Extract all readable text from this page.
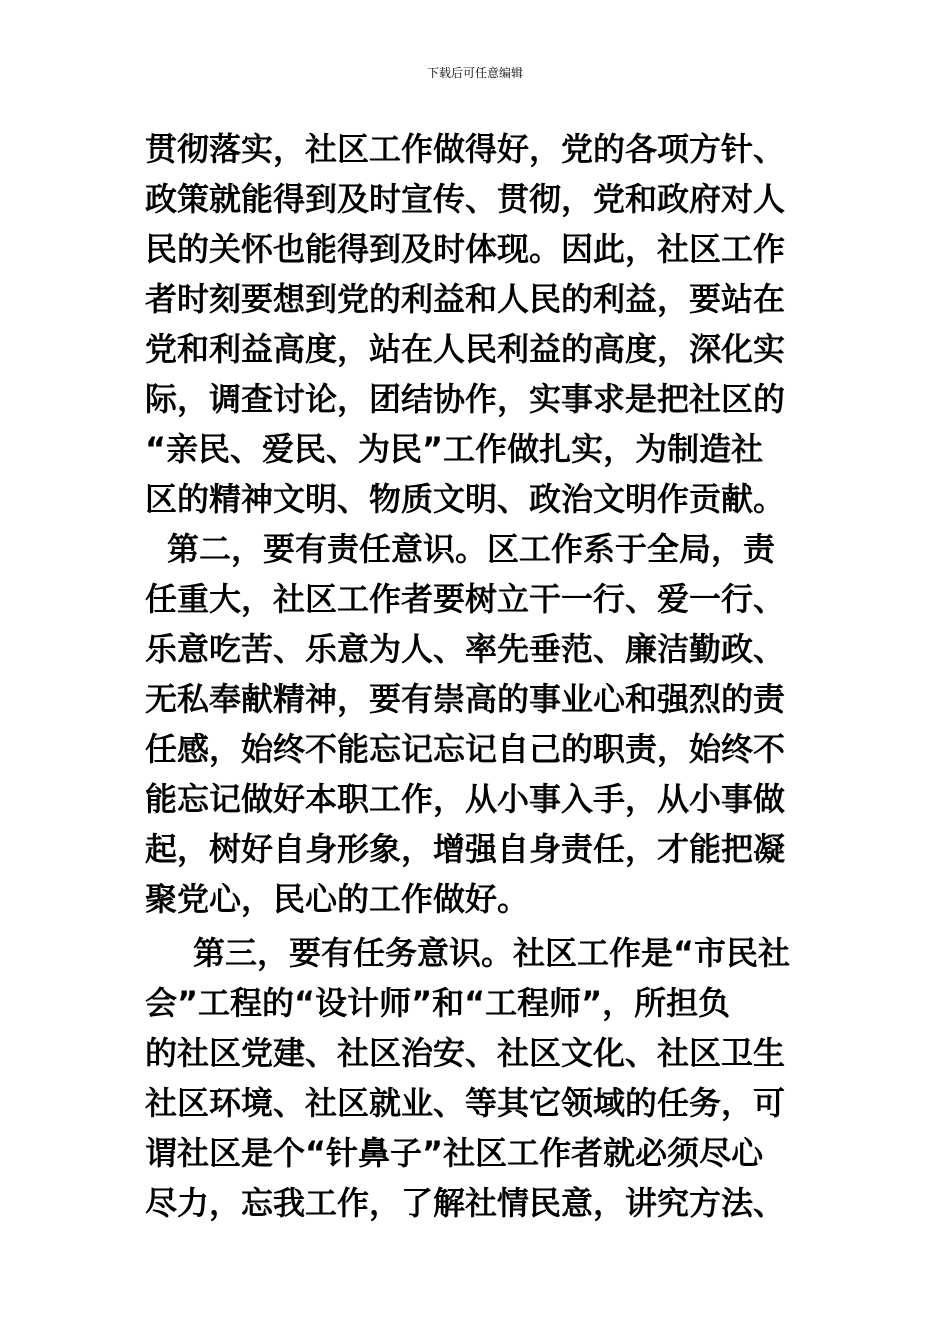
下载后可任意编辑
贯彻落实，社区工作做得好，党的各项方针、
政策就能得到及时宣传、贯彻，党和政府对人
民的关怀也能得到及时体现。因此，社区工作
者时刻要想到党的利益和人民的利益，要站在
党和利益高度，站在人民利益的高度，深化实
际，调查讨论，团结协作，实事求是把社区的
“亲民、爱民、为民”工作做扎实，为制造社
区的精神文明、物质文明、政治文明作贡献。
第二，要有责任意识。区工作系于全局，责
任重大，社区工作者要树立干一行、爱一行、
乐意吃苦、乐意为人、率先垂范、廉洁勤政、
无私奉献精神，要有崇高的事业心和强烈的责
任感，始终不能忘记忘记自己的职责，始终不
能忘记做好本职工作，从小事入手，从小事做
起，树好自身形象，增强自身责任，才能把凝
聚党心，民心的工作做好。
第三，要有任务意识。社区工作是“市民社
会”工程的“设计师”和“工程师”，所担负
的社区党建、社区治安、社区文化、社区卫生
社区环境、社区就业、等其它领域的任务，可
谓社区是个“针鼻子”社区工作者就必须尽心
尽力，忘我工作，了解社情民意，讲究方法、
